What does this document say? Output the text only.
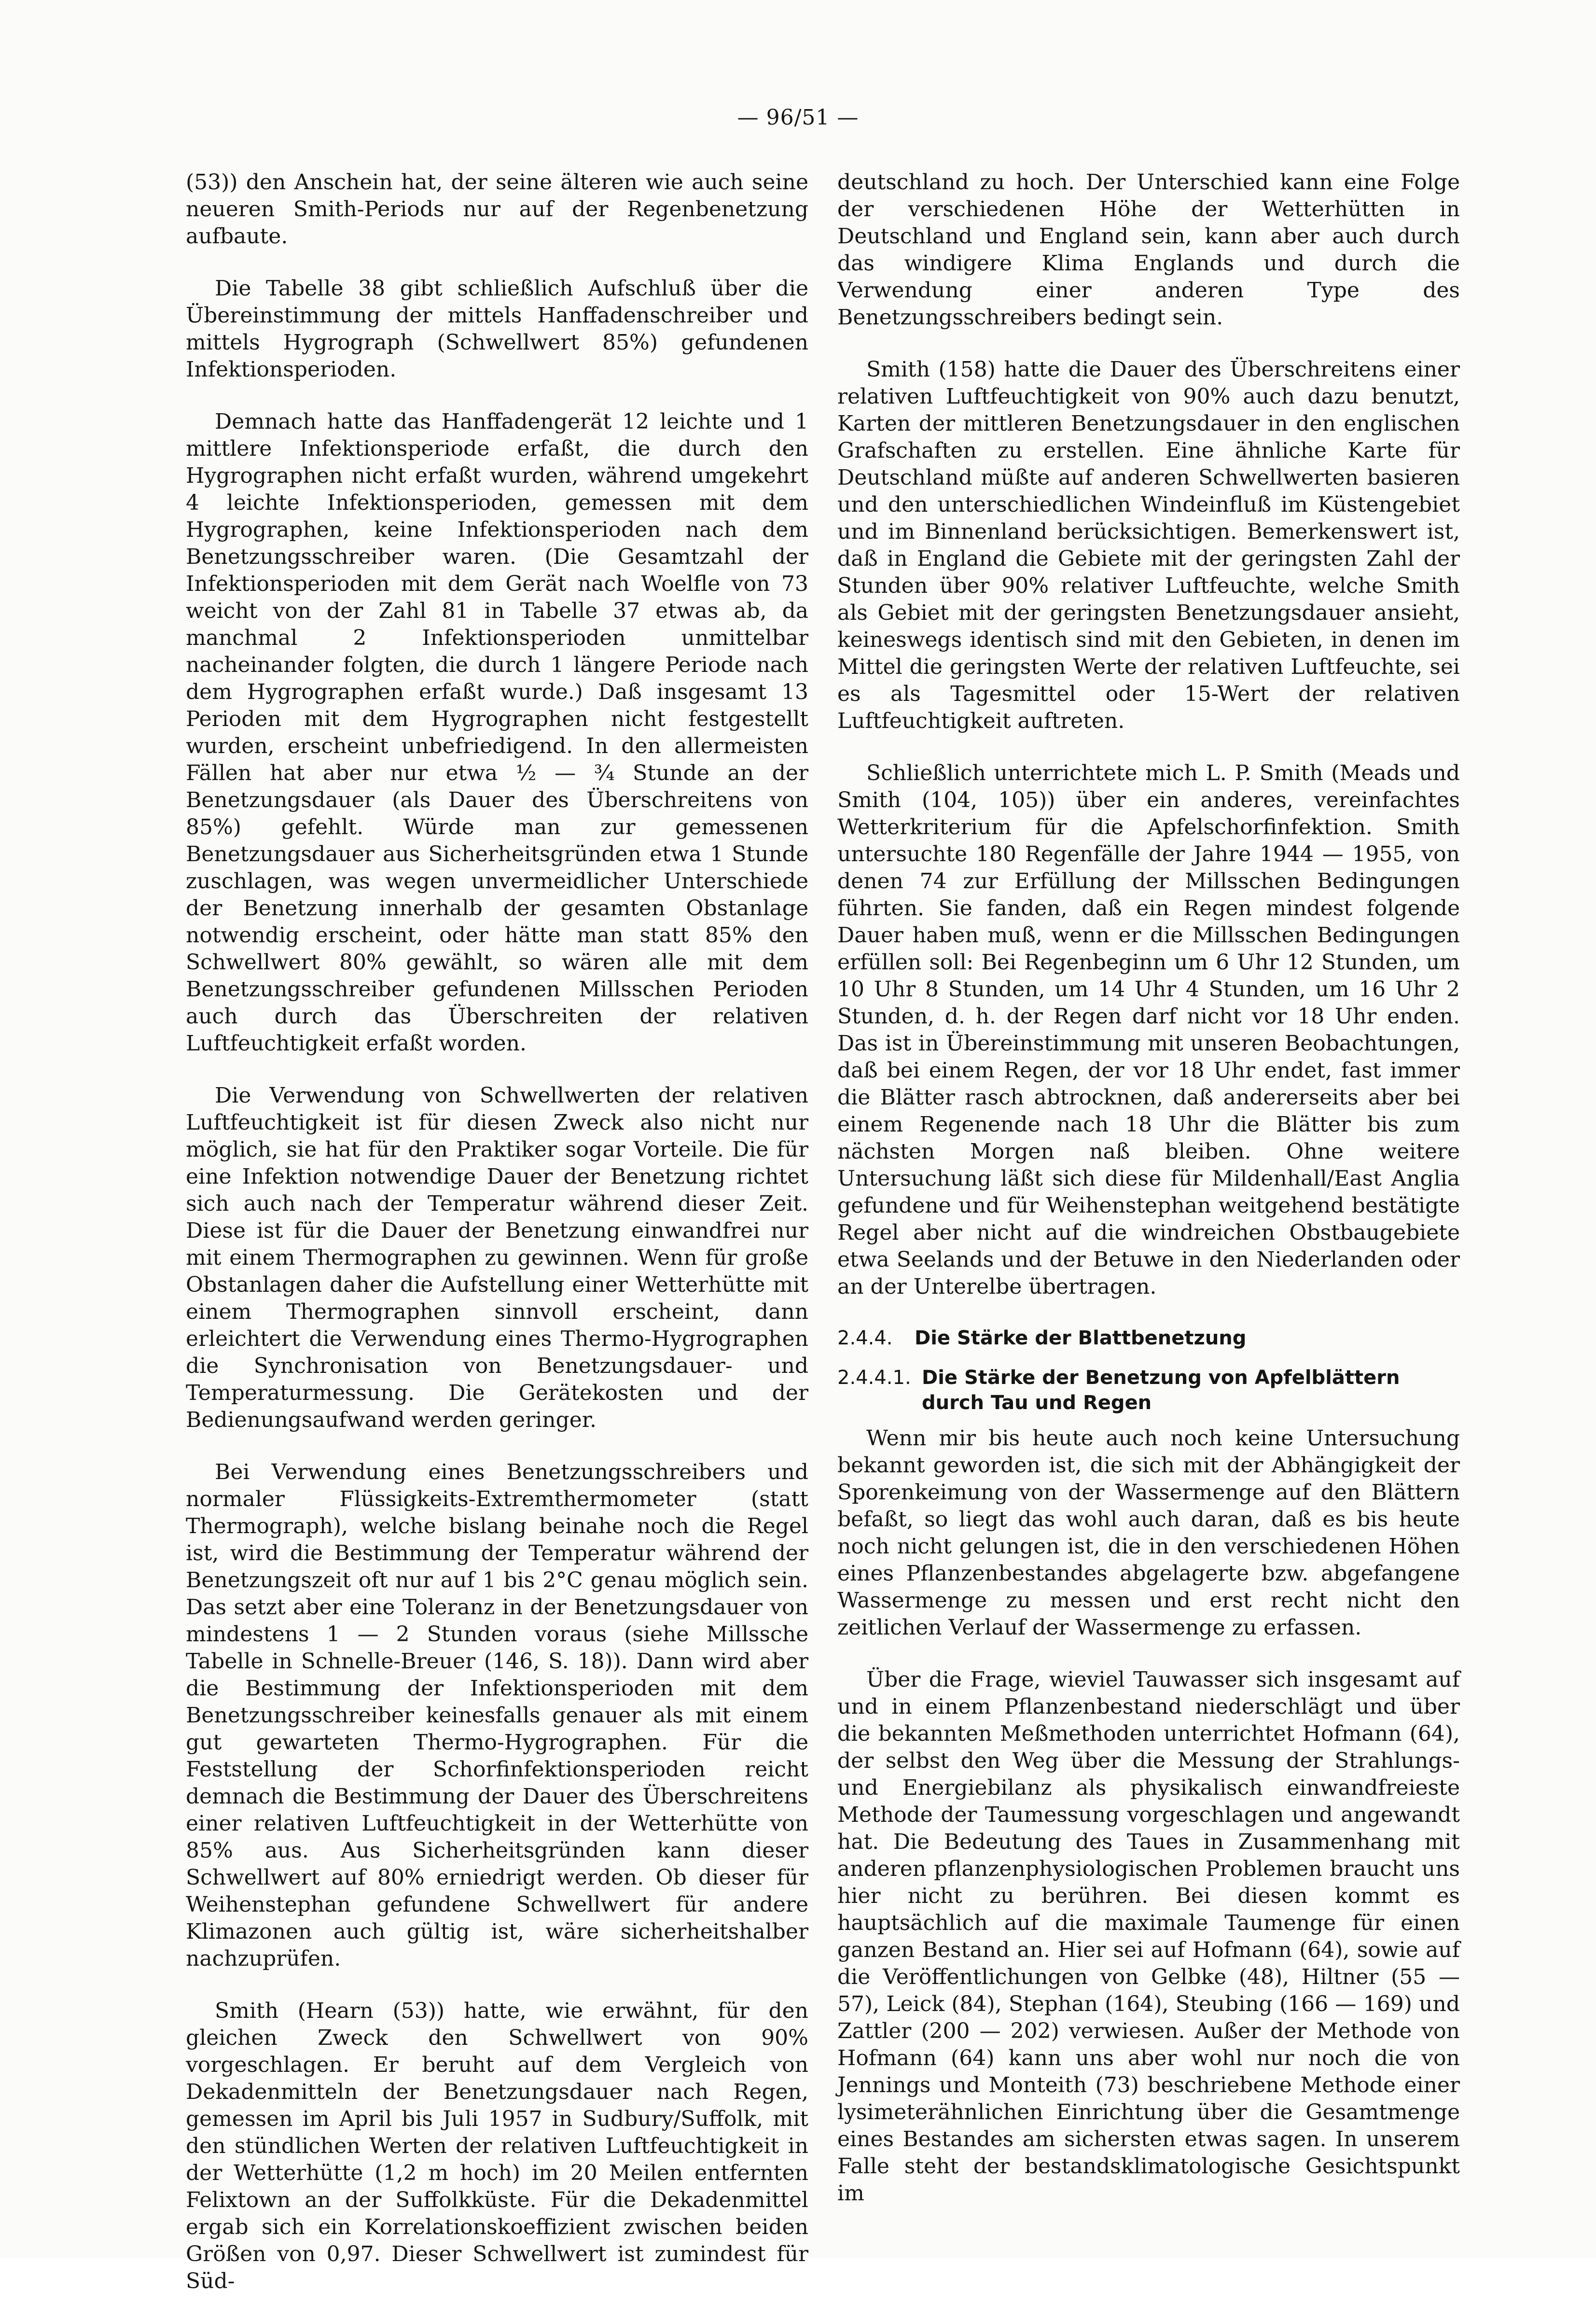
— 96/51 —

(53)) den Anschein hat, der seine älteren wie auch seine neueren Smith-Periods nur auf der Regenbenetzung aufbaute.

Die Tabelle 38 gibt schließlich Aufschluß über die Übereinstimmung der mittels Hanffadenschreiber und mittels Hygrograph (Schwellwert 85%) gefundenen Infektionsperioden.

Demnach hatte das Hanffadengerät 12 leichte und 1 mittlere Infektionsperiode erfaßt, die durch den Hygrographen nicht erfaßt wurden, während umgekehrt 4 leichte Infektionsperioden, gemessen mit dem Hygrographen, keine Infektionsperioden nach dem Benetzungsschreiber waren. (Die Gesamtzahl der Infektionsperioden mit dem Gerät nach Woelfle von 73 weicht von der Zahl 81 in Tabelle 37 etwas ab, da manchmal 2 Infektionsperioden unmittelbar nacheinander folgten, die durch 1 längere Periode nach dem Hygrographen erfaßt wurde.) Daß insgesamt 13 Perioden mit dem Hygrographen nicht festgestellt wurden, erscheint unbefriedigend. In den allermeisten Fällen hat aber nur etwa ½ — ¾ Stunde an der Benetzungsdauer (als Dauer des Überschreitens von 85%) gefehlt. Würde man zur gemessenen Benetzungsdauer aus Sicherheitsgründen etwa 1 Stunde zuschlagen, was wegen unvermeidlicher Unterschiede der Benetzung innerhalb der gesamten Obstanlage notwendig erscheint, oder hätte man statt 85% den Schwellwert 80% gewählt, so wären alle mit dem Benetzungsschreiber gefundenen Millsschen Perioden auch durch das Überschreiten der relativen Luftfeuchtigkeit erfaßt worden.

Die Verwendung von Schwellwerten der relativen Luftfeuchtigkeit ist für diesen Zweck also nicht nur möglich, sie hat für den Praktiker sogar Vorteile. Die für eine Infektion notwendige Dauer der Benetzung richtet sich auch nach der Temperatur während dieser Zeit. Diese ist für die Dauer der Benetzung einwandfrei nur mit einem Thermographen zu gewinnen. Wenn für große Obstanlagen daher die Aufstellung einer Wetterhütte mit einem Thermographen sinnvoll erscheint, dann erleichtert die Verwendung eines Thermo-Hygrographen die Synchronisation von Benetzungsdauer- und Temperaturmessung. Die Gerätekosten und der Bedienungsaufwand werden geringer.

Bei Verwendung eines Benetzungsschreibers und normaler Flüssigkeits-Extremthermometer (statt Thermograph), welche bislang beinahe noch die Regel ist, wird die Bestimmung der Temperatur während der Benetzungszeit oft nur auf 1 bis 2°C genau möglich sein. Das setzt aber eine Toleranz in der Benetzungsdauer von mindestens 1 — 2 Stunden voraus (siehe Millssche Tabelle in Schnelle-Breuer (146, S. 18)). Dann wird aber die Bestimmung der Infektionsperioden mit dem Benetzungsschreiber keinesfalls genauer als mit einem gut gewarteten Thermo-Hygrographen. Für die Feststellung der Schorfinfektionsperioden reicht demnach die Bestimmung der Dauer des Überschreitens einer relativen Luftfeuchtigkeit in der Wetterhütte von 85% aus. Aus Sicherheitsgründen kann dieser Schwellwert auf 80% erniedrigt werden. Ob dieser für Weihenstephan gefundene Schwellwert für andere Klimazonen auch gültig ist, wäre sicherheitshalber nachzuprüfen.

Smith (Hearn (53)) hatte, wie erwähnt, für den gleichen Zweck den Schwellwert von 90% vorgeschlagen. Er beruht auf dem Vergleich von Dekadenmitteln der Benetzungsdauer nach Regen, gemessen im April bis Juli 1957 in Sudbury/Suffolk, mit den stündlichen Werten der relativen Luftfeuchtigkeit in der Wetterhütte (1,2 m hoch) im 20 Meilen entfernten Felixtown an der Suffolkküste. Für die Dekadenmittel ergab sich ein Korrelationskoeffizient zwischen beiden Größen von 0,97. Dieser Schwellwert ist zumindest für Süd-

deutschland zu hoch. Der Unterschied kann eine Folge der verschiedenen Höhe der Wetterhütten in Deutschland und England sein, kann aber auch durch das windigere Klima Englands und durch die Verwendung einer anderen Type des Benetzungsschreibers bedingt sein.

Smith (158) hatte die Dauer des Überschreitens einer relativen Luftfeuchtigkeit von 90% auch dazu benutzt, Karten der mittleren Benetzungsdauer in den englischen Grafschaften zu erstellen. Eine ähnliche Karte für Deutschland müßte auf anderen Schwellwerten basieren und den unterschiedlichen Windeinfluß im Küstengebiet und im Binnenland berücksichtigen. Bemerkenswert ist, daß in England die Gebiete mit der geringsten Zahl der Stunden über 90% relativer Luftfeuchte, welche Smith als Gebiet mit der geringsten Benetzungsdauer ansieht, keineswegs identisch sind mit den Gebieten, in denen im Mittel die geringsten Werte der relativen Luftfeuchte, sei es als Tagesmittel oder 15-Wert der relativen Luftfeuchtigkeit auftreten.

Schließlich unterrichtete mich L. P. Smith (Meads und Smith (104, 105)) über ein anderes, vereinfachtes Wetterkriterium für die Apfelschorfinfektion. Smith untersuchte 180 Regenfälle der Jahre 1944 — 1955, von denen 74 zur Erfüllung der Millsschen Bedingungen führten. Sie fanden, daß ein Regen mindest folgende Dauer haben muß, wenn er die Millsschen Bedingungen erfüllen soll: Bei Regenbeginn um 6 Uhr 12 Stunden, um 10 Uhr 8 Stunden, um 14 Uhr 4 Stunden, um 16 Uhr 2 Stunden, d. h. der Regen darf nicht vor 18 Uhr enden. Das ist in Übereinstimmung mit unseren Beobachtungen, daß bei einem Regen, der vor 18 Uhr endet, fast immer die Blätter rasch abtrocknen, daß andererseits aber bei einem Regenende nach 18 Uhr die Blätter bis zum nächsten Morgen naß bleiben. Ohne weitere Untersuchung läßt sich diese für Mildenhall/East Anglia gefundene und für Weihenstephan weitgehend bestätigte Regel aber nicht auf die windreichen Obstbaugebiete etwa Seelands und der Betuwe in den Niederlanden oder an der Unterelbe übertragen.

2.4.4.	Die Stärke der Blattbenetzung
2.4.4.1. Die Stärke der Benetzung von Apfelblättern durch Tau und Regen

Wenn mir bis heute auch noch keine Untersuchung bekannt geworden ist, die sich mit der Abhängigkeit der Sporenkeimung von der Wassermenge auf den Blättern befaßt, so liegt das wohl auch daran, daß es bis heute noch nicht gelungen ist, die in den verschiedenen Höhen eines Pflanzenbestandes abgelagerte bzw. abgefangene Wassermenge zu messen und erst recht nicht den zeitlichen Verlauf der Wassermenge zu erfassen.

Über die Frage, wieviel Tauwasser sich insgesamt auf und in einem Pflanzenbestand niederschlägt und über die bekannten Meßmethoden unterrichtet Hofmann (64), der selbst den Weg über die Messung der Strahlungs- und Energiebilanz als physikalisch einwandfreieste Methode der Taumessung vorgeschlagen und angewandt hat. Die Bedeutung des Taues in Zusammenhang mit anderen pflanzenphysiologischen Problemen braucht uns hier nicht zu berühren. Bei diesen kommt es hauptsächlich auf die maximale Taumenge für einen ganzen Bestand an. Hier sei auf Hofmann (64), sowie auf die Veröffentlichungen von Gelbke (48), Hiltner (55 — 57), Leick (84), Stephan (164), Steubing (166 — 169) und Zattler (200 — 202) verwiesen. Außer der Methode von Hofmann (64) kann uns aber wohl nur noch die von Jennings und Monteith (73) beschriebene Methode einer lysimeterähnlichen Einrichtung über die Gesamtmenge eines Bestandes am sichersten etwas sagen. In unserem Falle steht der bestandsklimatologische Gesichtspunkt im
